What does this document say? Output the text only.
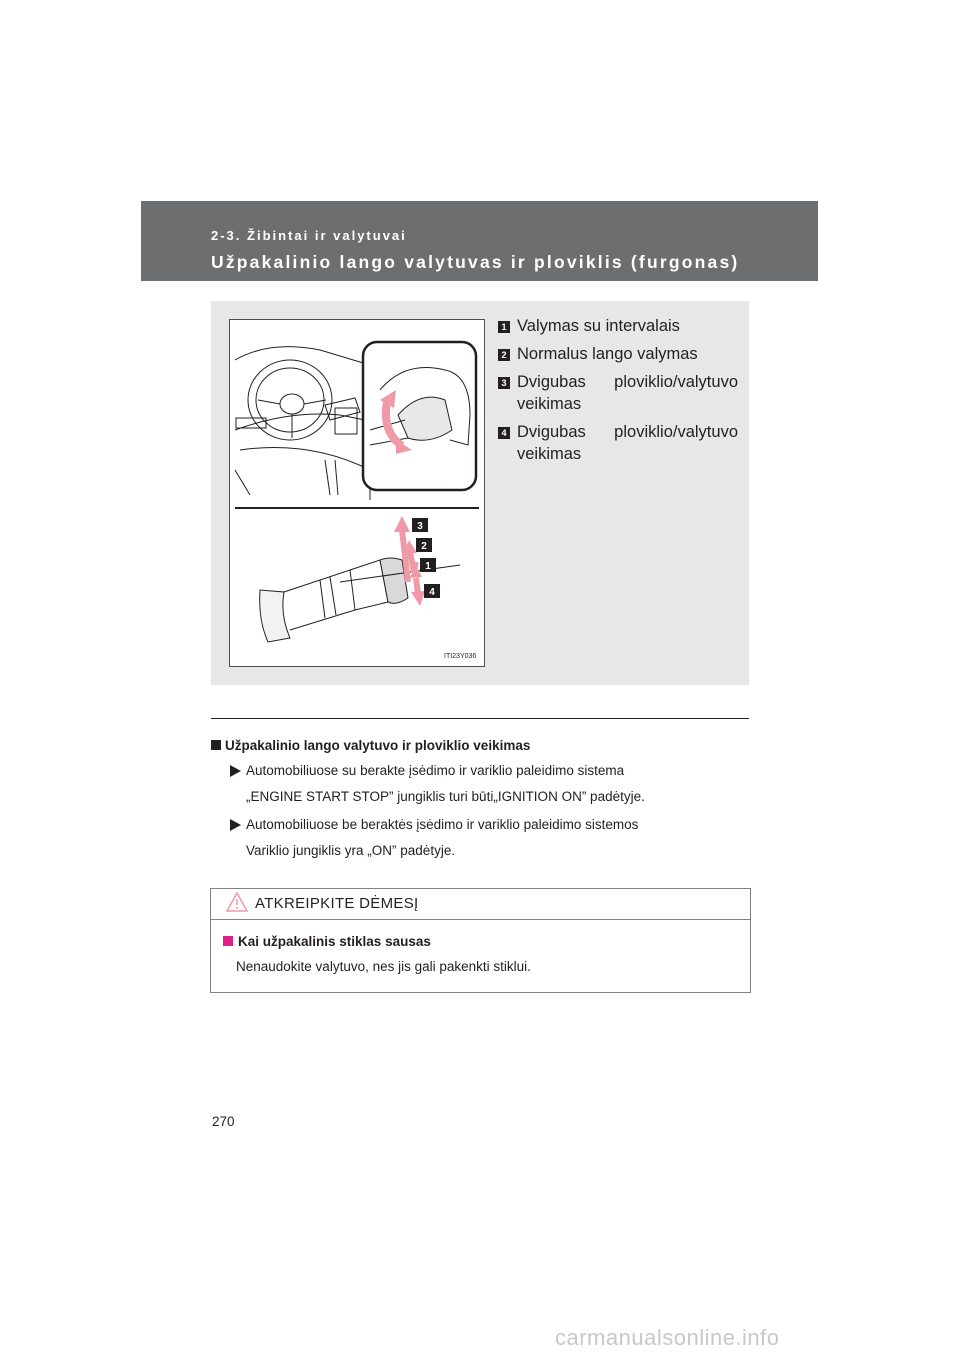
2-3. Žibintai ir valytuvai
Užpakalinio lango valytuvas ir ploviklis (furgonas)
3
2
1
4
ITI23Y036
1 Valymas su intervalais
2 Normalus lango valymas
3 Dvigubas ploviklio/valytuvo veikimas
4 Dvigubas ploviklio/valytuvo veikimas
Užpakalinio lango valytuvo ir ploviklio veikimas
Automobiliuose su berakte įsėdimo ir variklio paleidimo sistema
„ENGINE START STOP” jungiklis turi būti„IGNITION ON” padėtyje.
Automobiliuose be beraktės įsėdimo ir variklio paleidimo sistemos
Variklio jungiklis yra „ON” padėtyje.
ATKREIPKITE DĖMESĮ
Kai užpakalinis stiklas sausas
Nenaudokite valytuvo, nes jis gali pakenkti stiklui.
270
carmanualsonline.info
